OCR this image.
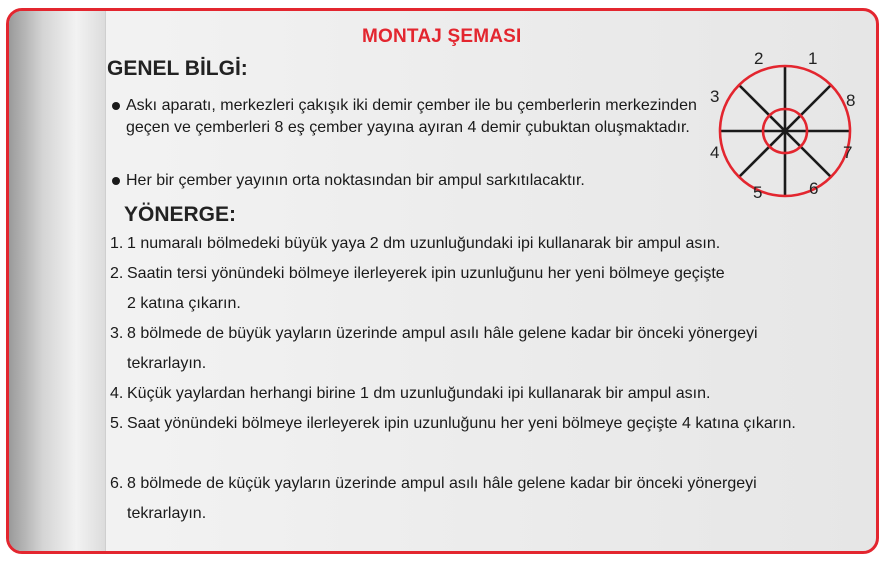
MONTAJ ŞEMASI
GENEL BİLGİ:
Askı aparatı, merkezleri çakışık iki demir çember ile bu çemberlerin merkezinden geçen ve çemberleri 8 eş çember yayına ayıran 4 demir çubuktan oluşmaktadır.
Her bir çember yayının orta noktasından bir ampul sarkıtılacaktır.
YÖNERGE:
1. 1 numaralı bölmedeki büyük yaya 2 dm uzunluğundaki ipi kullanarak bir ampul asın.
2. Saatin tersi yönündeki bölmeye ilerleyerek ipin uzunluğunu her yeni bölmeye geçişte 2 katına çıkarın.
3. 8 bölmede de büyük yayların üzerinde ampul asılı hâle gelene kadar bir önceki yönergeyi tekrarlayın.
4. Küçük yaylardan herhangi birine 1 dm uzunluğundaki ipi kullanarak bir ampul asın.
5. Saat yönündeki bölmeye ilerleyerek ipin uzunluğunu her yeni bölmeye geçişte 4 katına çıkarın.
6. 8 bölmede de küçük yayların üzerinde ampul asılı hâle gelene kadar bir önceki yönergeyi tekrarlayın.
2	1
3	8
4	7
5	6
